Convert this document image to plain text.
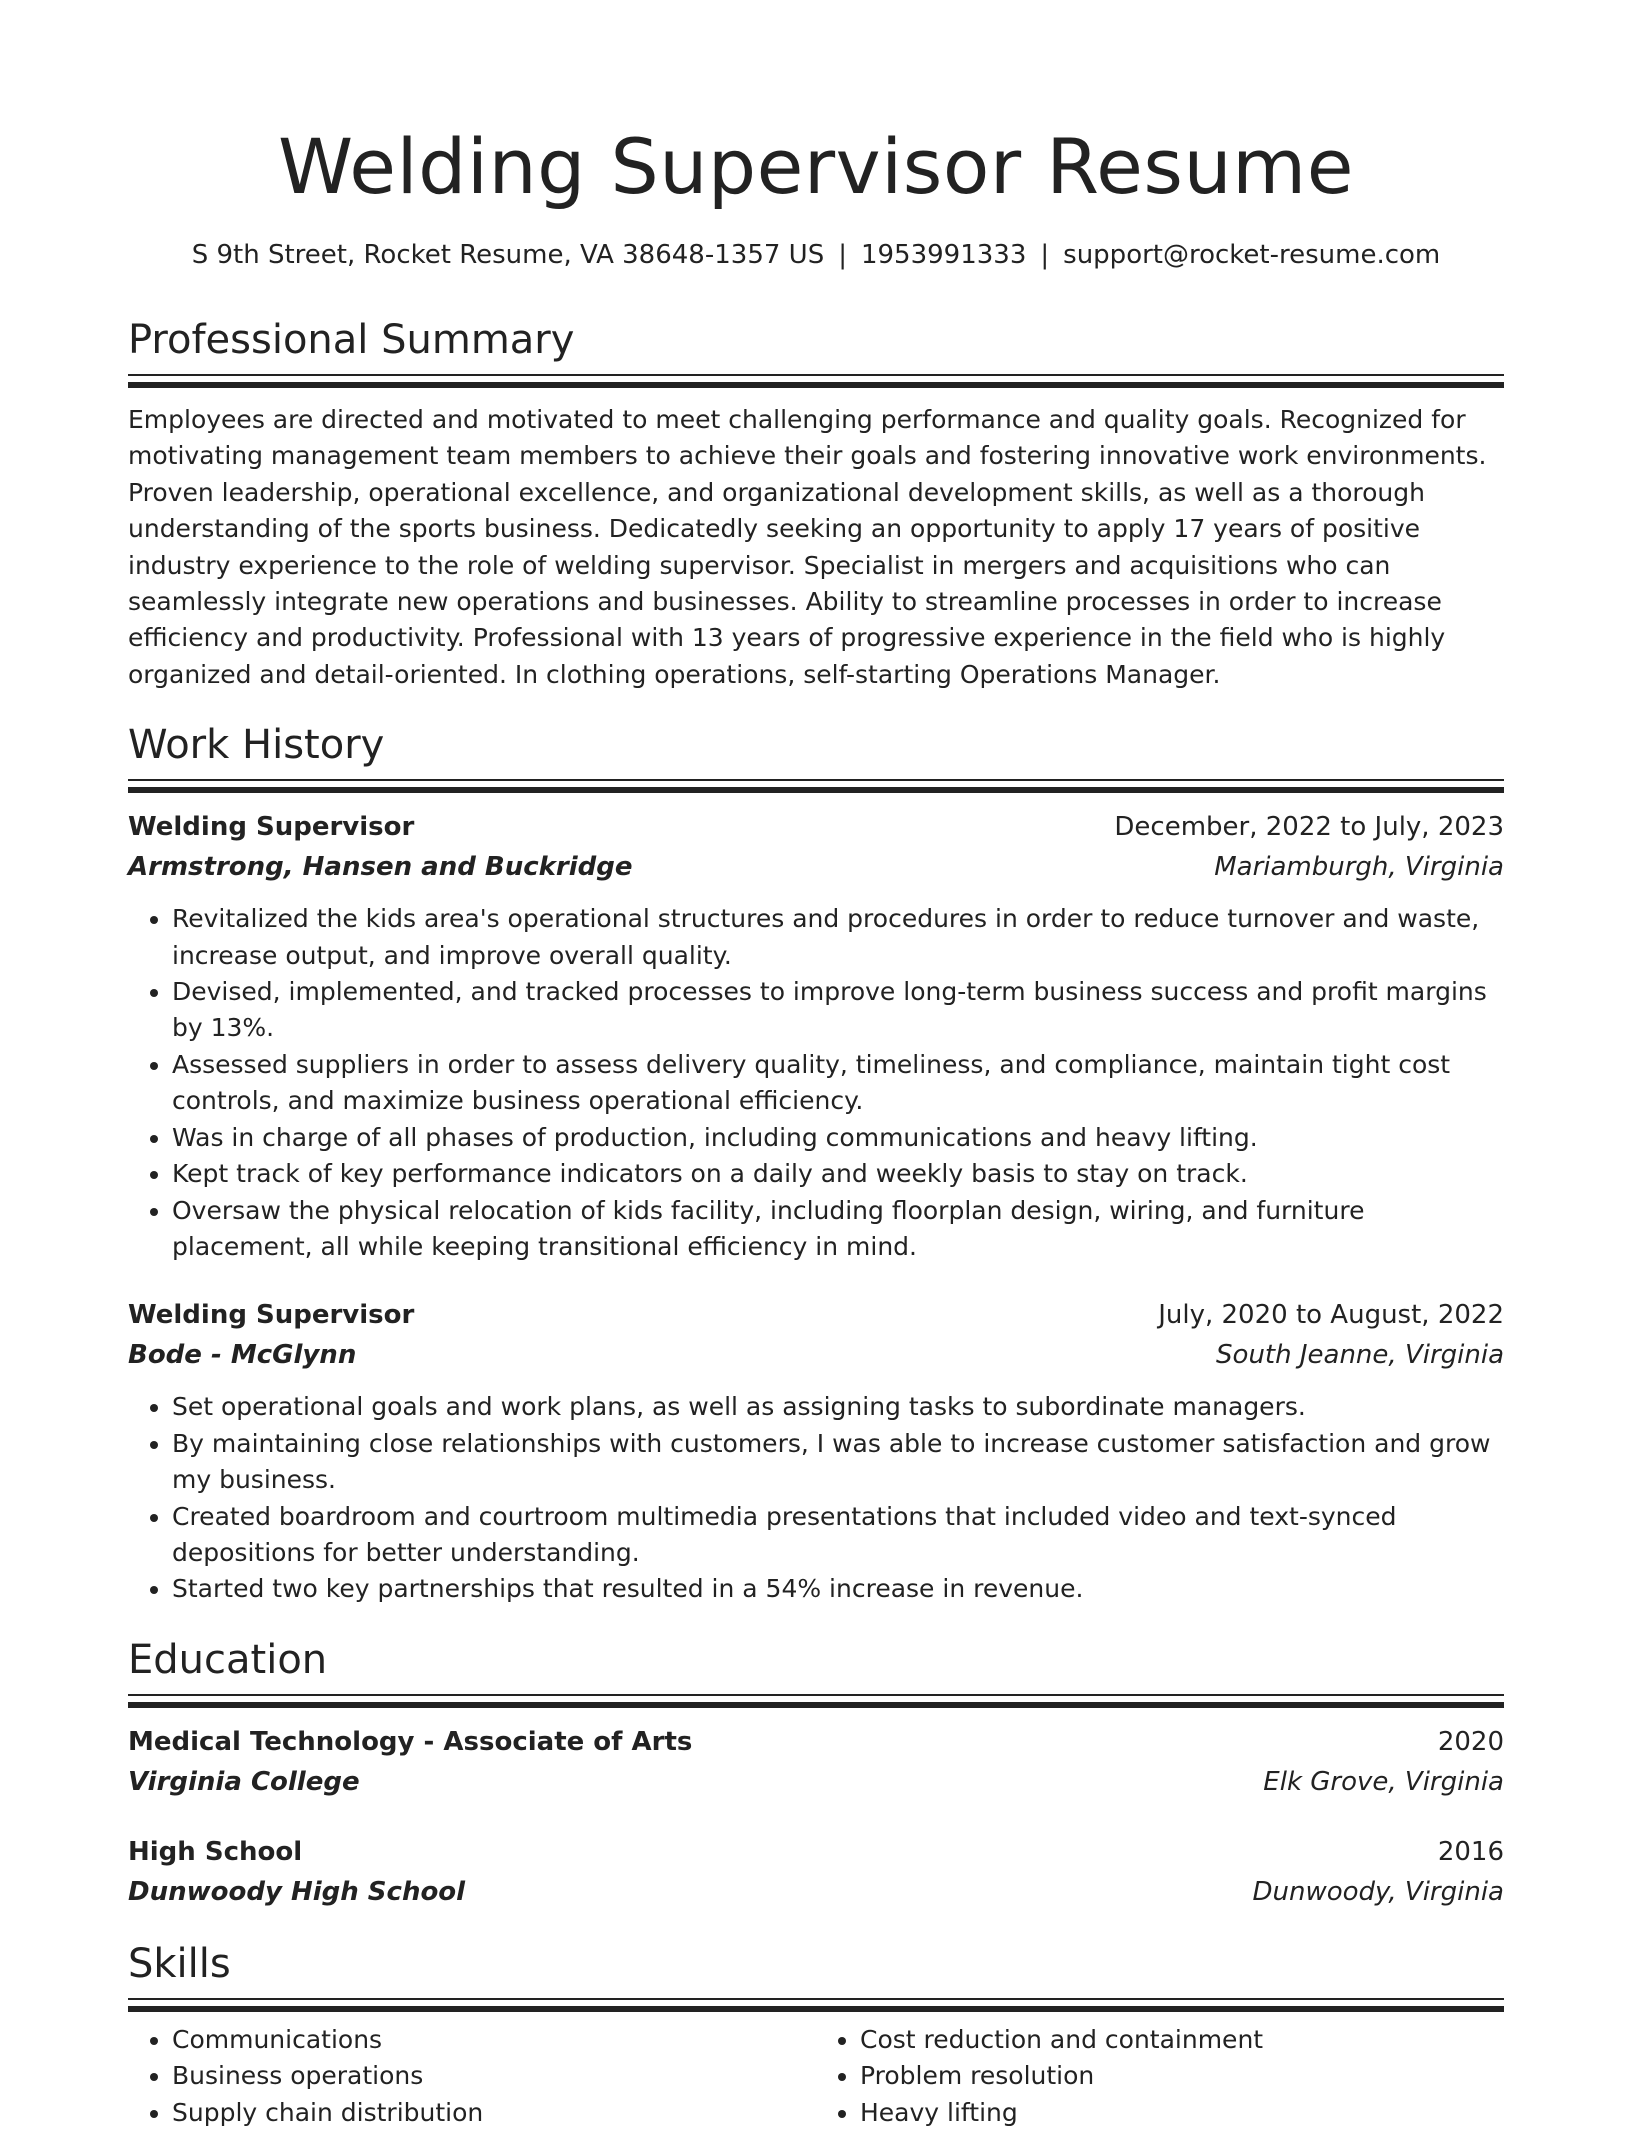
Welding Supervisor Resume
S 9th Street, Rocket Resume, VA 38648-1357 US | 1953991333 | support@rocket-resume.com
Professional Summary
Employees are directed and motivated to meet challenging performance and quality goals. Recognized for motivating management team members to achieve their goals and fostering innovative work environments. Proven leadership, operational excellence, and organizational development skills, as well as a thorough understanding of the sports business. Dedicatedly seeking an opportunity to apply 17 years of positive industry experience to the role of welding supervisor. Specialist in mergers and acquisitions who can seamlessly integrate new operations and businesses. Ability to streamline processes in order to increase efficiency and productivity. Professional with 13 years of progressive experience in the field who is highly organized and detail-oriented. In clothing operations, self-starting Operations Manager.
Work History
Welding Supervisor	December, 2022 to July, 2023
Armstrong, Hansen and Buckridge	Mariamburgh, Virginia
• Revitalized the kids area's operational structures and procedures in order to reduce turnover and waste, increase output, and improve overall quality.
• Devised, implemented, and tracked processes to improve long-term business success and profit margins by 13%.
• Assessed suppliers in order to assess delivery quality, timeliness, and compliance, maintain tight cost controls, and maximize business operational efficiency.
• Was in charge of all phases of production, including communications and heavy lifting.
• Kept track of key performance indicators on a daily and weekly basis to stay on track.
• Oversaw the physical relocation of kids facility, including floorplan design, wiring, and furniture placement, all while keeping transitional efficiency in mind.
Welding Supervisor	July, 2020 to August, 2022
Bode - McGlynn	South Jeanne, Virginia
• Set operational goals and work plans, as well as assigning tasks to subordinate managers.
• By maintaining close relationships with customers, I was able to increase customer satisfaction and grow my business.
• Created boardroom and courtroom multimedia presentations that included video and text-synced depositions for better understanding.
• Started two key partnerships that resulted in a 54% increase in revenue.
Education
Medical Technology - Associate of Arts	2020
Virginia College	Elk Grove, Virginia
High School	2016
Dunwoody High School	Dunwoody, Virginia
Skills
• Communications
• Business operations
• Supply chain distribution
• Cost reduction and containment
• Problem resolution
• Heavy lifting
